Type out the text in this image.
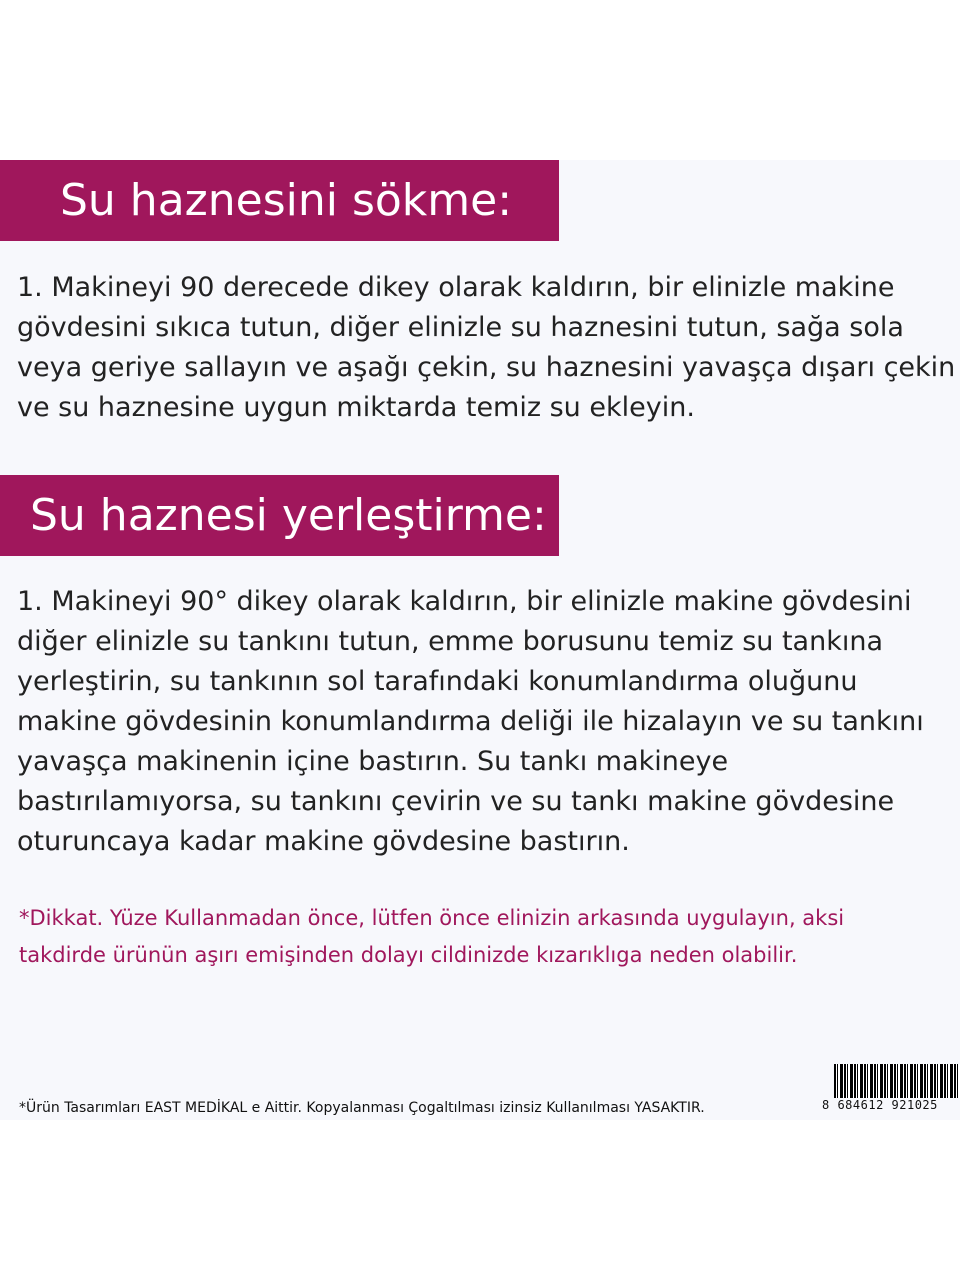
Su haznesini sökme:
1. Makineyi 90 derecede dikey olarak kaldırın, bir elinizle makine
gövdesini sıkıca tutun, diğer elinizle su haznesini tutun, sağa sola
veya geriye sallayın ve aşağı çekin, su haznesini yavaşça dışarı çekin
ve su haznesine uygun miktarda temiz su ekleyin.
Su haznesi yerleştirme:
1. Makineyi 90° dikey olarak kaldırın, bir elinizle makine gövdesini
diğer elinizle su tankını tutun, emme borusunu temiz su tankına
yerleştirin, su tankının sol tarafındaki konumlandırma oluğunu
makine gövdesinin konumlandırma deliği ile hizalayın ve su tankını
yavaşça makinenin içine bastırın. Su tankı makineye
bastırılamıyorsa, su tankını çevirin ve su tankı makine gövdesine
oturuncaya kadar makine gövdesine bastırın.
*Dikkat. Yüze Kullanmadan önce, lütfen önce elinizin arkasında uygulayın, aksi
takdirde ürünün aşırı emişinden dolayı cildinizde kızarıklıga neden olabilir.
*Ürün Tasarımları EAST MEDİKAL e Aittir. Kopyalanması Çogaltılması izinsiz Kullanılması YASAKTIR.	8 684612 921025
